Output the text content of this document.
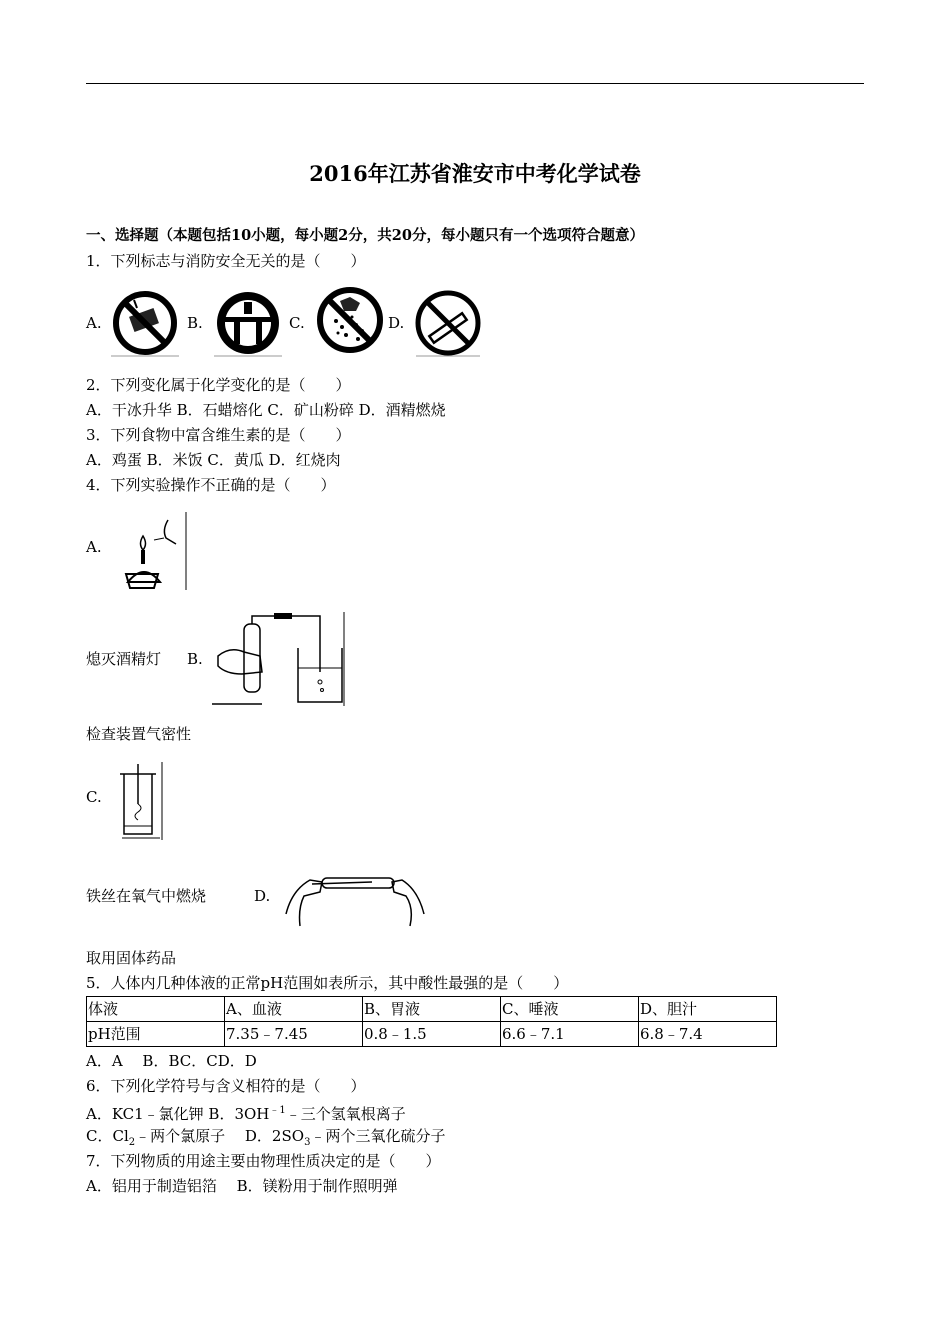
2016年江苏省淮安市中考化学试卷
一、选择题（本题包括10小题，每小题2分，共20分，每小题只有一个选项符合题意）
1．下列标志与消防安全无关的是（　　）
A.	B.	C.	D.
2．下列变化属于化学变化的是（　　）
A．干冰升华 B．石蜡熔化 C．矿山粉碎 D．酒精燃烧
3．下列食物中富含维生素的是（　　）
A．鸡蛋 B．米饭 C．黄瓜 D．红烧肉
4．下列实验操作不正确的是（　　）
A.
熄灭酒精灯 B.
检查装置气密性
C.
铁丝在氧气中燃烧	D.
取用固体药品
5．人体内几种体液的正常pH范围如表所示，其中酸性最强的是（　　）
体液	A、血液	B、胃液	C、唾液	D、胆汁
pH范围	7.35﹣7.45	0.8﹣1.5	6.6﹣7.1	6.8﹣7.4
A．A　 B．BC．CD．D
6．下列化学符号与含义相符的是（　　）
A．KC1﹣氯化钾 B．$3OH^{﹣1}﹣$三个氢氧根离子
C．$Cl_2﹣$两个氯原子　 D．$2SO_3﹣$两个三氧化硫分子
7．下列物质的用途主要由物理性质决定的是（　　）
A．铝用于制造铝箔　 B．镁粉用于制作照明弹
